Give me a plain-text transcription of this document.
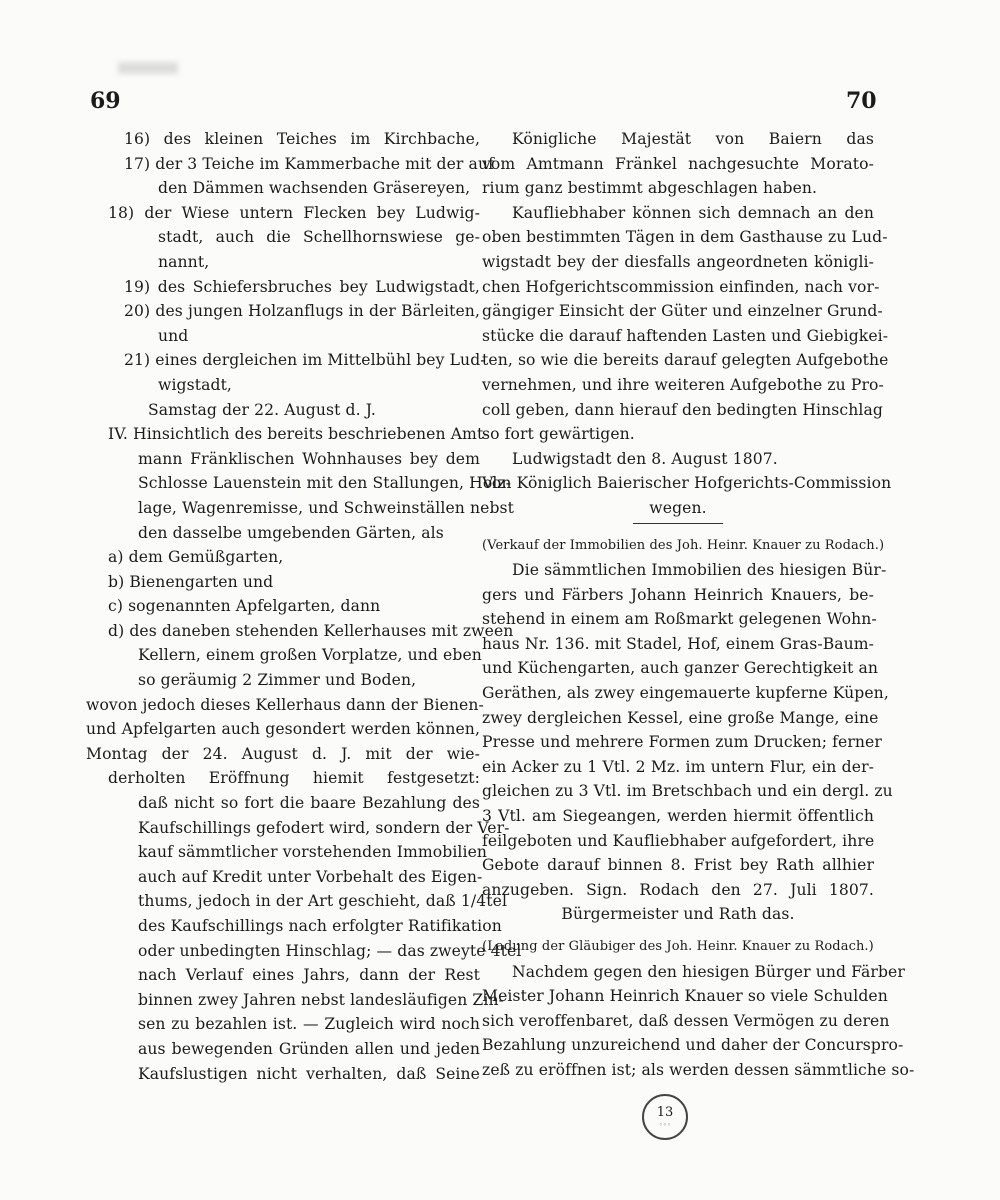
69	70
16) des kleinen Teiches im Kirchbache,
17) der 3 Teiche im Kammerbache mit der auf
den Dämmen wachsenden Gräsereyen,
18) der Wiese untern Flecken bey Ludwig-
stadt, auch die Schellhornswiese ge-
nannt,
19) des Schiefersbruches bey Ludwigstadt,
20) des jungen Holzanflugs in der Bärleiten,
und
21) eines dergleichen im Mittelbühl bey Lud-
wigstadt,
Samstag der 22. August d. J.
IV. Hinsichtlich des bereits beschriebenen Amt-
mann Fränklischen Wohnhauses bey dem
Schlosse Lauenstein mit den Stallungen, Holz-
lage, Wagenremisse, und Schweinställen nebst
den dasselbe umgebenden Gärten, als
a) dem Gemüßgarten,
b) Bienengarten und
c) sogenannten Apfelgarten, dann
d) des daneben stehenden Kellerhauses mit zween
Kellern, einem großen Vorplatze, und eben
so geräumig 2 Zimmer und Boden,
wovon jedoch dieses Kellerhaus dann der Bienen-
und Apfelgarten auch gesondert werden können,
Montag der 24. August d. J. mit der wie-
derholten Eröffnung hiemit festgesetzt:
daß nicht so fort die baare Bezahlung des
Kaufschillings gefodert wird, sondern der Ver-
kauf sämmtlicher vorstehenden Immobilien
auch auf Kredit unter Vorbehalt des Eigen-
thums, jedoch in der Art geschieht, daß 1/4tel
des Kaufschillings nach erfolgter Ratifikation
oder unbedingten Hinschlag; — das zweyte 4tel
nach Verlauf eines Jahrs, dann der Rest
binnen zwey Jahren nebst landesläufigen Zin-
sen zu bezahlen ist. — Zugleich wird noch
aus bewegenden Gründen allen und jeden
Kaufslustigen nicht verhalten, daß Seine
Königliche Majestät von Baiern das
vom Amtmann Fränkel nachgesuchte Morato-
rium ganz bestimmt abgeschlagen haben.
Kaufliebhaber können sich demnach an den
oben bestimmten Tägen in dem Gasthause zu Lud-
wigstadt bey der diesfalls angeordneten königli-
chen Hofgerichtscommission einfinden, nach vor-
gängiger Einsicht der Güter und einzelner Grund-
stücke die darauf haftenden Lasten und Giebigkei-
ten, so wie die bereits darauf gelegten Aufgebothe
vernehmen, und ihre weiteren Aufgebothe zu Pro-
coll geben, dann hierauf den bedingten Hinschlag
so fort gewärtigen.
Ludwigstadt den 8. August 1807.
Von Königlich Baierischer Hofgerichts-Commission
wegen.
(Verkauf der Immobilien des Joh. Heinr. Knauer zu Rodach.)
Die sämmtlichen Immobilien des hiesigen Bür-
gers und Färbers Johann Heinrich Knauers, be-
stehend in einem am Roßmarkt gelegenen Wohn-
haus Nr. 136. mit Stadel, Hof, einem Gras-Baum-
und Küchengarten, auch ganzer Gerechtigkeit an
Geräthen, als zwey eingemauerte kupferne Küpen,
zwey dergleichen Kessel, eine große Mange, eine
Presse und mehrere Formen zum Drucken; ferner
ein Acker zu 1 Vtl. 2 Mz. im untern Flur, ein der-
gleichen zu 3 Vtl. im Bretschbach und ein dergl. zu
3 Vtl. am Siegeangen, werden hiermit öffentlich
feilgeboten und Kaufliebhaber aufgefordert, ihre
Gebote darauf binnen 8. Frist bey Rath allhier
anzugeben. Sign. Rodach den 27. Juli 1807.
Bürgermeister und Rath das.
(Ladung der Gläubiger des Joh. Heinr. Knauer zu Rodach.)
Nachdem gegen den hiesigen Bürger und Färber
Meister Johann Heinrich Knauer so viele Schulden
sich veroffenbaret, daß dessen Vermögen zu deren
Bezahlung unzureichend und daher der Concurspro-
zeß zu eröffnen ist; als werden dessen sämmtliche so-
13
◦◦◦
